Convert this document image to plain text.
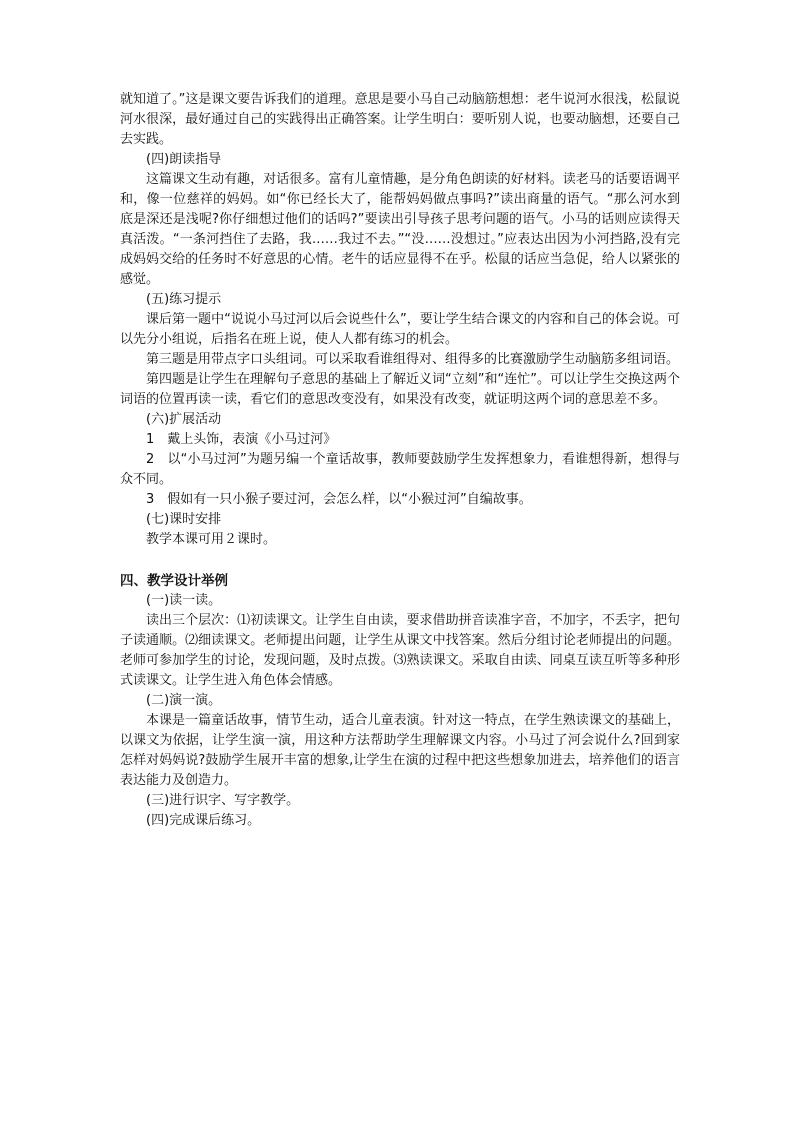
就知道了。”这是课文要告诉我们的道理。意思是要小马自己动脑筋想想：老牛说河水很浅，松鼠说河水很深，最好通过自己的实践得出正确答案。让学生明白：要听别人说，也要动脑想，还要自己去实践。

(四)朗读指导

这篇课文生动有趣，对话很多。富有儿童情趣，是分角色朗读的好材料。读老马的话要语调平和，像一位慈祥的妈妈。如“你已经长大了，能帮妈妈做点事吗?”读出商量的语气。“那么河水到底是深还是浅呢?你仔细想过他们的话吗?”要读出引导孩子思考问题的语气。小马的话则应读得天真活泼。“一条河挡住了去路，我……我过不去。”“没……没想过。”应表达出因为小河挡路,没有完成妈妈交给的任务时不好意思的心情。老牛的话应显得不在乎。松鼠的话应当急促，给人以紧张的感觉。

(五)练习提示

课后第一题中“说说小马过河以后会说些什么”，要让学生结合课文的内容和自己的体会说。可以先分小组说，后指名在班上说，使人人都有练习的机会。

第三题是用带点字口头组词。可以采取看谁组得对、组得多的比赛激励学生动脑筋多组词语。

第四题是让学生在理解句子意思的基础上了解近义词“立刻”和“连忙”。可以让学生交换这两个词语的位置再读一读，看它们的意思改变没有，如果没有改变，就证明这两个词的意思差不多。

(六)扩展活动

1　戴上头饰，表演《小马过河》

2　以“小马过河”为题另编一个童话故事，教师要鼓励学生发挥想象力，看谁想得新，想得与众不同。

3　假如有一只小猴子要过河，会怎么样，以“小猴过河”自编故事。

(七)课时安排

教学本课可用２课时。

四、教学设计举例

(一)读一读。

读出三个层次：⑴初读课文。让学生自由读，要求借助拼音读准字音，不加字，不丢字，把句子读通顺。⑵细读课文。老师提出问题，让学生从课文中找答案。然后分组讨论老师提出的问题。老师可参加学生的讨论，发现问题，及时点拨。⑶熟读课文。采取自由读、同桌互读互听等多种形式读课文。让学生进入角色体会情感。

(二)演一演。

本课是一篇童话故事，情节生动，适合儿童表演。针对这一特点，在学生熟读课文的基础上，以课文为依据，让学生演一演，用这种方法帮助学生理解课文内容。小马过了河会说什么?回到家怎样对妈妈说?鼓励学生展开丰富的想象,让学生在演的过程中把这些想象加进去，培养他们的语言表达能力及创造力。

(三)进行识字、写字教学。

(四)完成课后练习。
